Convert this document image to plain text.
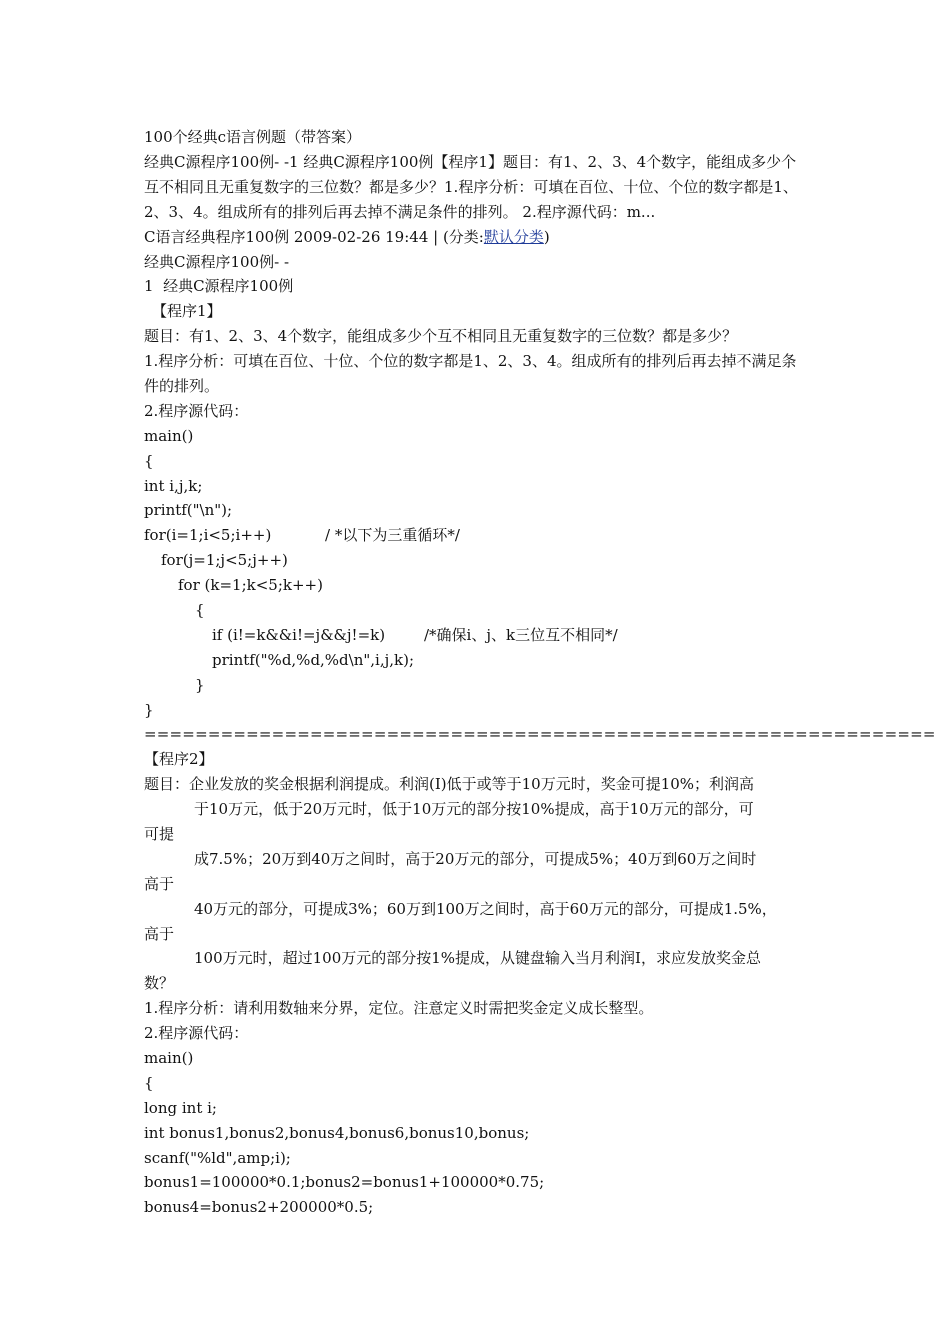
100个经典c语言例题（带答案）
经典C源程序100例- -1 经典C源程序100例【程序1】题目：有1、2、3、4个数字，能组成多少个互不相同且无重复数字的三位数？都是多少？1.程序分析：可填在百位、十位、个位的数字都是1、2、3、4。组成所有的排列后再去掉不满足条件的排列。 2.程序源代码：m...
C语言经典程序100例 2009-02-26 19:44 | (分类:默认分类)
经典C源程序100例- -
1  经典C源程序100例
【程序1】
题目：有1、2、3、4个数字，能组成多少个互不相同且无重复数字的三位数？都是多少？
1.程序分析：可填在百位、十位、个位的数字都是1、2、3、4。组成所有的排列后再去掉不满足条件的排列。
2.程序源代码：
main()
{
int i,j,k;
printf("\n");
for(i=1;i<5;i++)	/ *以下为三重循环*/
for(j=1;j<5;j++)
for (k=1;k<5;k++)
{
if (i!=k&&i!=j&&j!=k)	/*确保i、j、k三位互不相同*/
printf("%d,%d,%d\n",i,j,k);
}
}
==============================================================
【程序2】
题目：企业发放的奖金根据利润提成。利润(I)低于或等于10万元时，奖金可提10%；利润高
于10万元，低于20万元时，低于10万元的部分按10%提成，高于10万元的部分，可
可提
成7.5%；20万到40万之间时，高于20万元的部分，可提成5%；40万到60万之间时
高于
40万元的部分，可提成3%；60万到100万之间时，高于60万元的部分，可提成1.5%，
高于
100万元时，超过100万元的部分按1%提成，从键盘输入当月利润I，求应发放奖金总
数？
1.程序分析：请利用数轴来分界，定位。注意定义时需把奖金定义成长整型。
2.程序源代码：
main()
{
long int i;
int bonus1,bonus2,bonus4,bonus6,bonus10,bonus;
scanf("%ld",amp;i);
bonus1=100000*0.1;bonus2=bonus1+100000*0.75;
bonus4=bonus2+200000*0.5;
